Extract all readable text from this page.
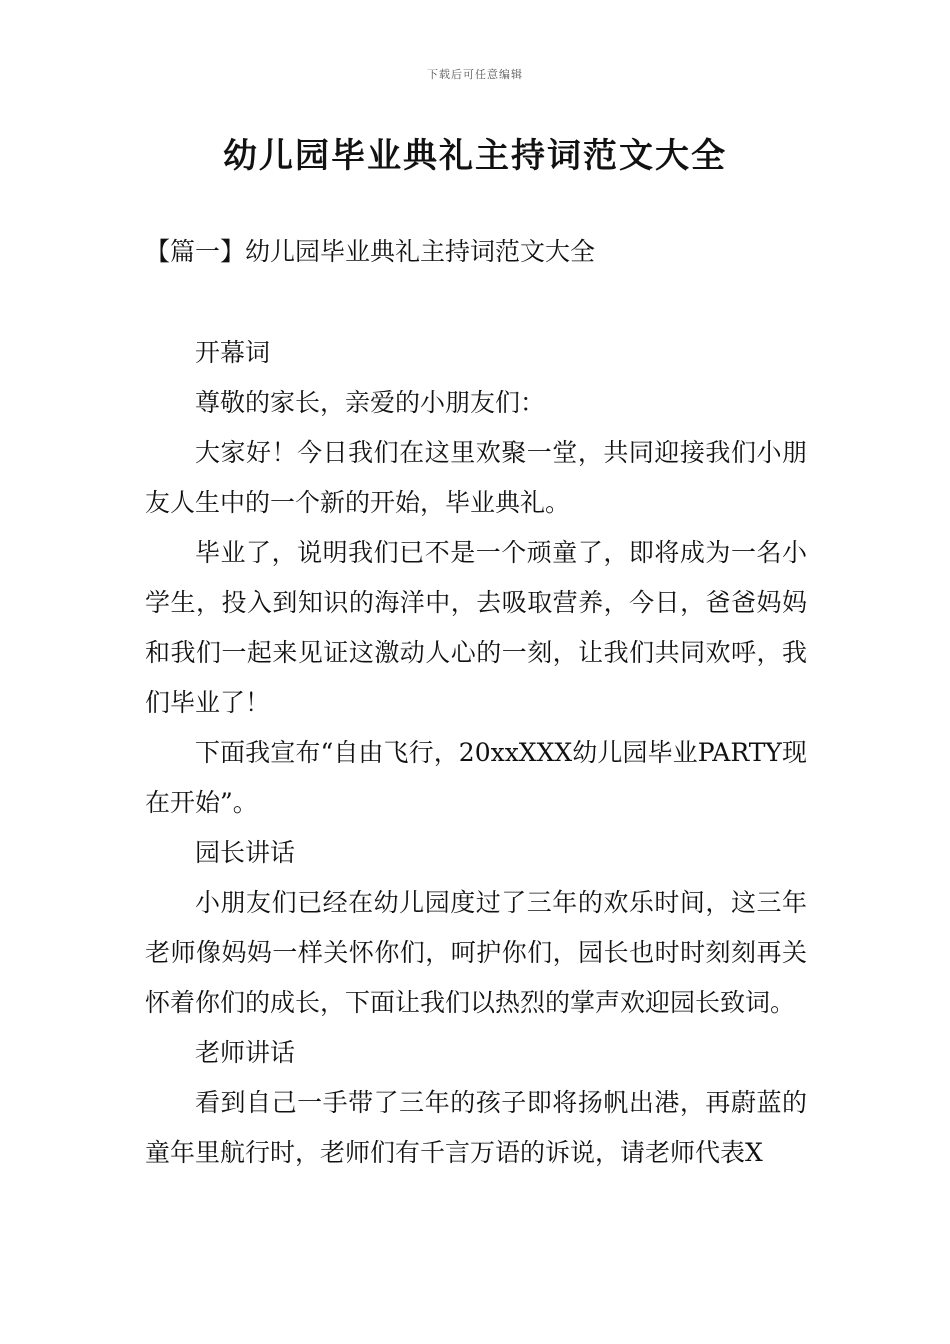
下载后可任意编辑
幼儿园毕业典礼主持词范文大全
【篇一】幼儿园毕业典礼主持词范文大全

开幕词

尊敬的家长，亲爱的小朋友们：

大家好！今日我们在这里欢聚一堂，共同迎接我们小朋友人生中的一个新的开始，毕业典礼。

毕业了，说明我们已不是一个顽童了，即将成为一名小学生，投入到知识的海洋中，去吸取营养，今日，爸爸妈妈和我们一起来见证这激动人心的一刻，让我们共同欢呼，我们毕业了！

下面我宣布“自由飞行，20xxXXX幼儿园毕业PARTY现在开始”。

园长讲话

小朋友们已经在幼儿园度过了三年的欢乐时间，这三年老师像妈妈一样关怀你们，呵护你们，园长也时时刻刻再关怀着你们的成长，下面让我们以热烈的掌声欢迎园长致词。

老师讲话

看到自己一手带了三年的孩子即将扬帆出港，再蔚蓝的童年里航行时，老师们有千言万语的诉说，请老师代表X
